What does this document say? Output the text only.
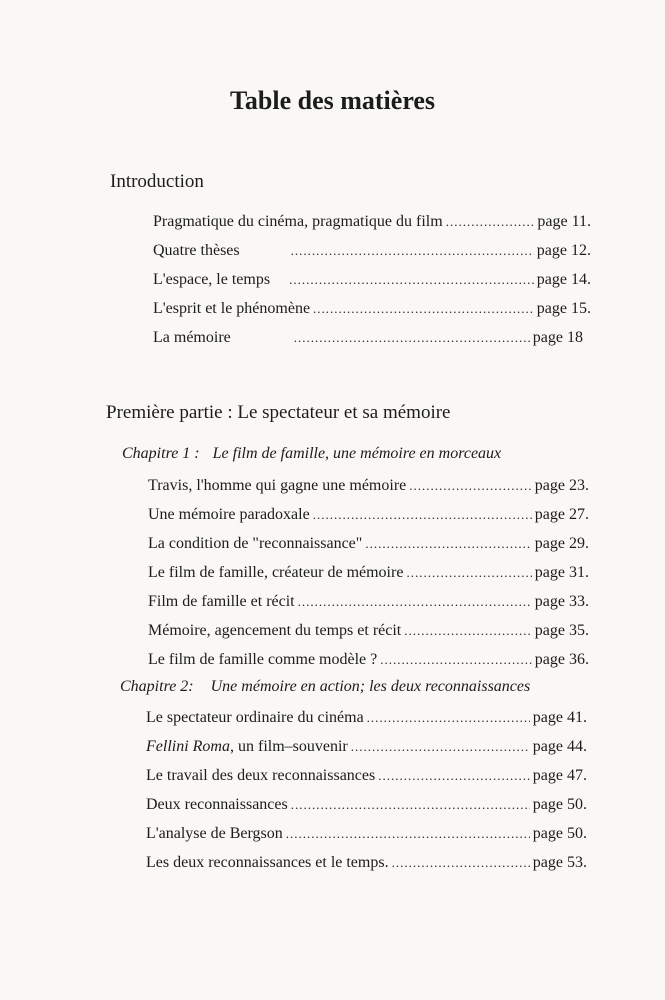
Table des matières
Introduction
Pragmatique du cinéma, pragmatique du film .....	page 11.
Quatre thèses .....	page 12.
L'espace, le temps .....	page 14.
L'esprit et le phénomène .....	page 15.
La mémoire .....	page 18
Première partie : Le spectateur et sa mémoire
Chapitre 1 : Le film de famille, une mémoire en morceaux
Travis, l'homme qui gagne une mémoire .....	page 23.
Une mémoire paradoxale .....	page 27.
La condition de "reconnaissance" .....	page 29.
Le film de famille, créateur de mémoire .....	page 31.
Film de famille et récit .....	page 33.
Mémoire, agencement du temps et récit .....	page 35.
Le film de famille comme modèle ? .....	page 36.
Chapitre 2: Une mémoire en action; les deux reconnaissances
Le spectateur ordinaire du cinéma .....	page 41.
Fellini Roma, un film–souvenir .....	page 44.
Le travail des deux reconnaissances .....	page 47.
Deux reconnaissances .....	page 50.
L'analyse de Bergson .....	page 50.
Les deux reconnaissances et le temps. .....	page 53.
